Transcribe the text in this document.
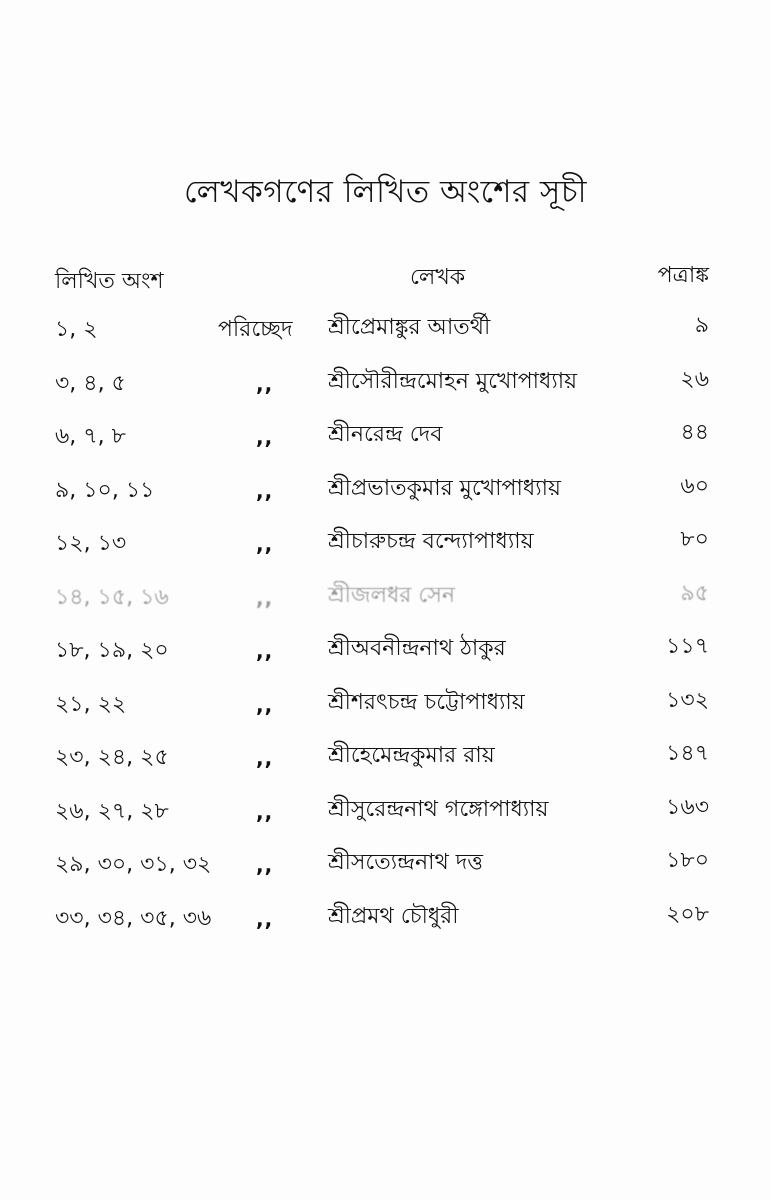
লেখকগণের লিখিত অংশের সূচী
লিখিত অংশ	লেখক	পত্রাঙ্ক
১, ২	পরিচ্ছেদ শ্রীপ্রেমাঙ্কুর আতর্থী	৯
৩, ৪, ৫	,, শ্রীসৌরীন্দ্রমোহন মুখোপাধ্যায়	২৬
৬, ৭, ৮	,, শ্রীনরেন্দ্র দেব	৪৪
৯, ১০, ১১	,, শ্রীপ্রভাতকুমার মুখোপাধ্যায়	৬০
১২, ১৩	,, শ্রীচারুচন্দ্র বন্দ্যোপাধ্যায়	৮০
১৪, ১৫, ১৬	,, শ্রীজলধর সেন	৯৫
১৮, ১৯, ২০	,, শ্রীঅবনীন্দ্রনাথ ঠাকুর	১১৭
২১, ২২	,, শ্রীশরৎচন্দ্র চট্টোপাধ্যায়	১৩২
২৩, ২৪, ২৫	,, শ্রীহেমেন্দ্রকুমার রায়	১৪৭
২৬, ২৭, ২৮	,, শ্রীসুরেন্দ্রনাথ গঙ্গোপাধ্যায়	১৬৩
২৯, ৩০, ৩১, ৩২ ,, শ্রীসত্যেন্দ্রনাথ দত্ত	১৮০
৩৩, ৩৪, ৩৫, ৩৬ ,, শ্রীপ্রমথ চৌধুরী	২০৮
